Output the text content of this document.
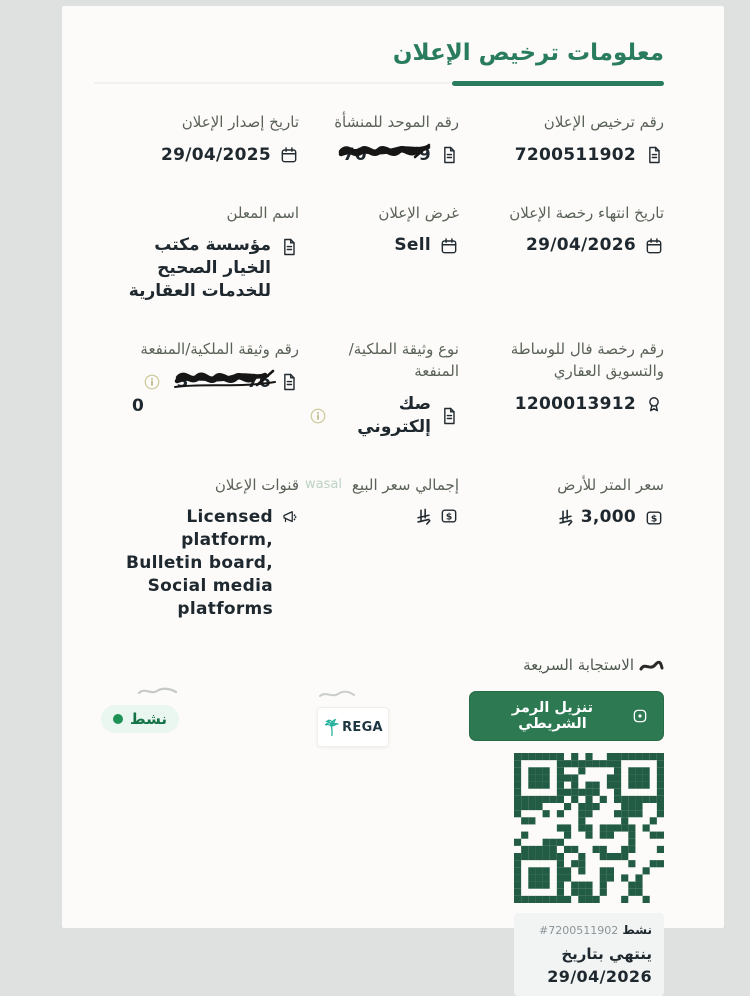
معلومات ترخيص الإعلان
رقم ترخيص الإعلان
7200511902
رقم الموحد للمنشأة
70	9
تاريخ إصدار الإعلان
29/04/2025
تاريخ انتهاء رخصة الإعلان
29/04/2026
غرض الإعلان
Sell
اسم المعلن
مؤسسة مكتب الخيار الصحيح للخدمات العقارية
رقم رخصة فال للوساطة والتسويق العقاري
1200013912
نوع وثيقة الملكية/المنفعة
صك إلكتروني
رقم وثيقة الملكية/المنفعة
3	76
0
سعر المتر للأرض
$
3,000
إجمالي سعر البيع
wasal
$
قنوات الإعلان
Licensed platform, Bulletin board, Social media platforms
الاستجابة السريعة
تنزيل الرمز الشريطي
نشط #7200511902
ينتهي بتاريخ
29/04/2026
REGA
نشط
